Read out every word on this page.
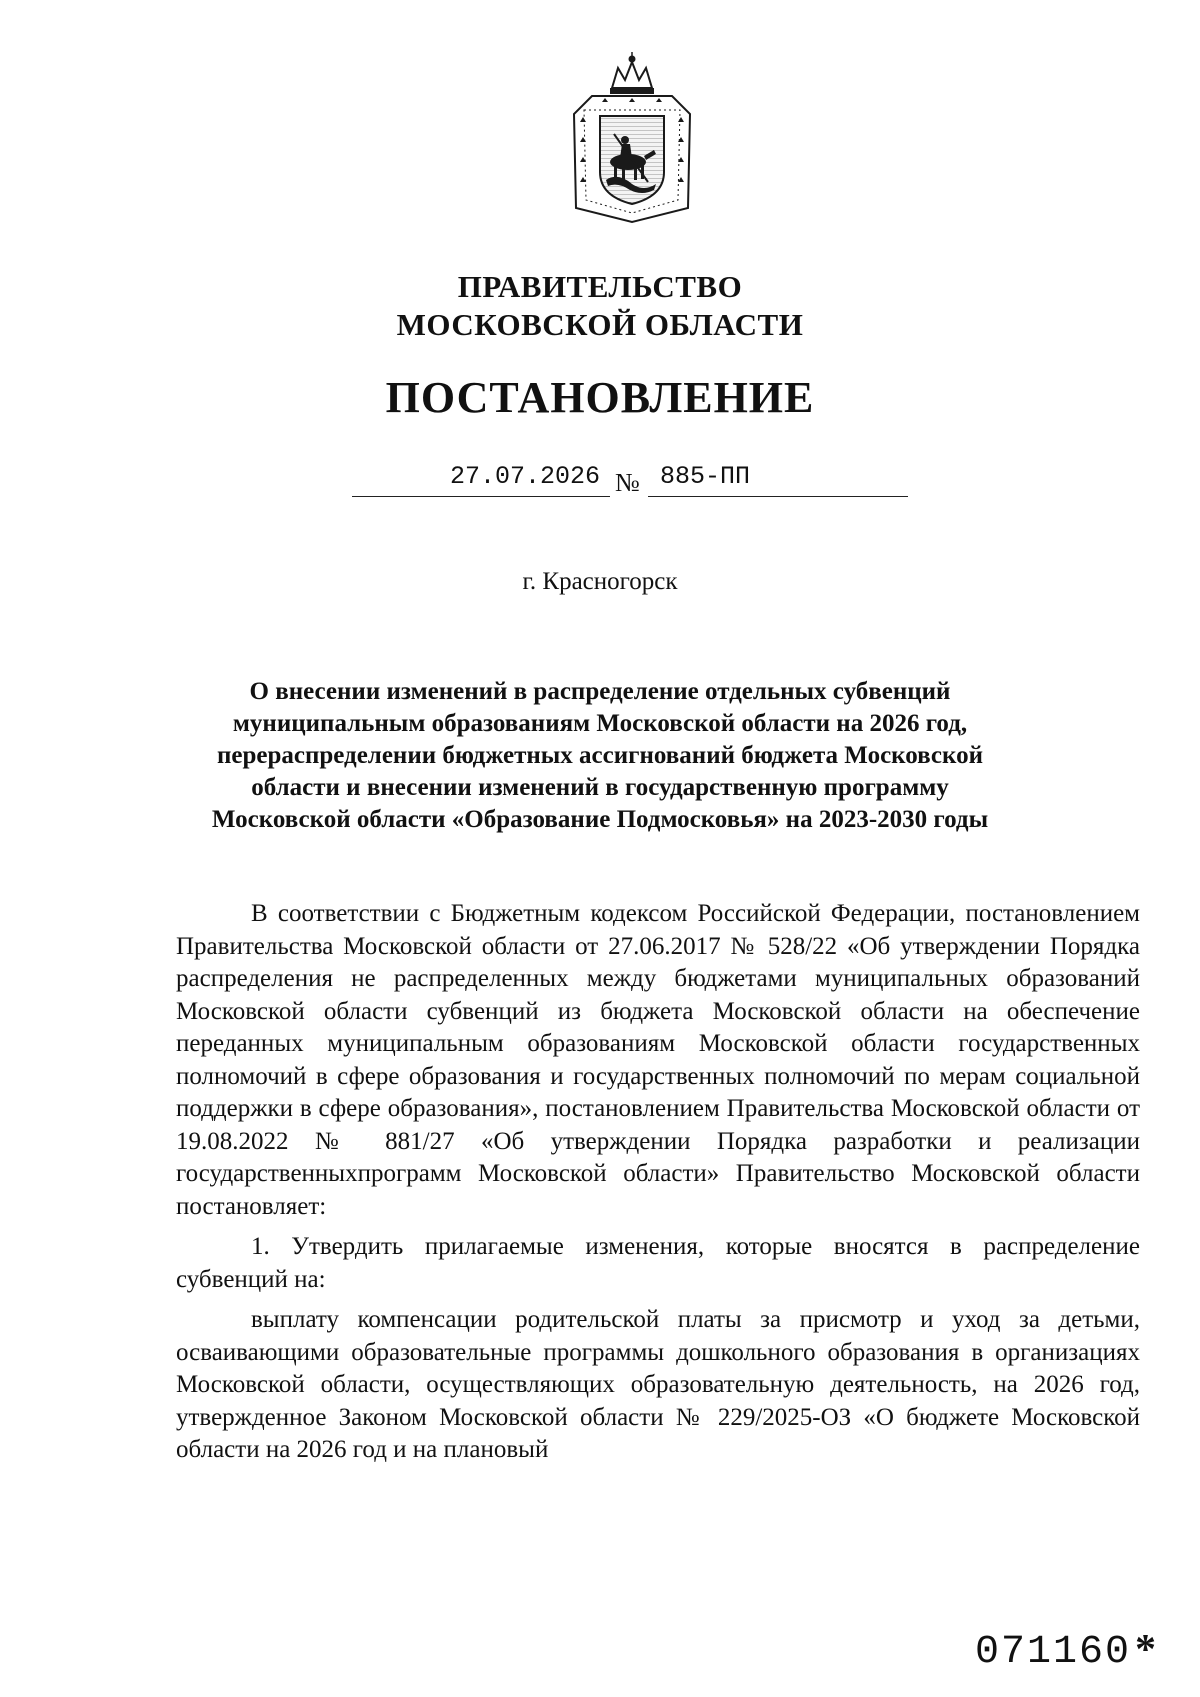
ПРАВИТЕЛЬСТВО
МОСКОВСКОЙ ОБЛАСТИ
ПОСТАНОВЛЕНИЕ
27.07.2026 № 885-ПП
г. Красногорск
О внесении изменений в распределение отдельных субвенций
муниципальным образованиям Московской области на 2026 год,
перераспределении бюджетных ассигнований бюджета Московской
области и внесении изменений в государственную программу
Московской области «Образование Подмосковья» на 2023-2030 годы

В соответствии с Бюджетным кодексом Российской Федерации, постановлением Правительства Московской области от 27.06.2017 № 528/22 «Об утверждении Порядка распределения не распределенных между бюджетами муниципальных образований Московской области субвенций из бюджета Московской области на обеспечение переданных муниципальным образованиям Московской области государственных полномочий в сфере образования и государственных полномочий по мерам социальной поддержки в сфере образования», постановлением Правительства Московской области от 19.08.2022 № 881/27 «Об утверждении Порядка разработки и реализации государственныхпрограмм Московской области» Правительство Московской области постановляет:

1. Утвердить прилагаемые изменения, которые вносятся в распределение субвенций на:

выплату компенсации родительской платы за присмотр и уход за детьми, осваивающими образовательные программы дошкольного образования в организациях Московской области, осуществляющих образовательную деятельность, на 2026 год, утвержденное Законом Московской области № 229/2025-ОЗ «О бюджете Московской области на 2026 год и на плановый

071160 *
